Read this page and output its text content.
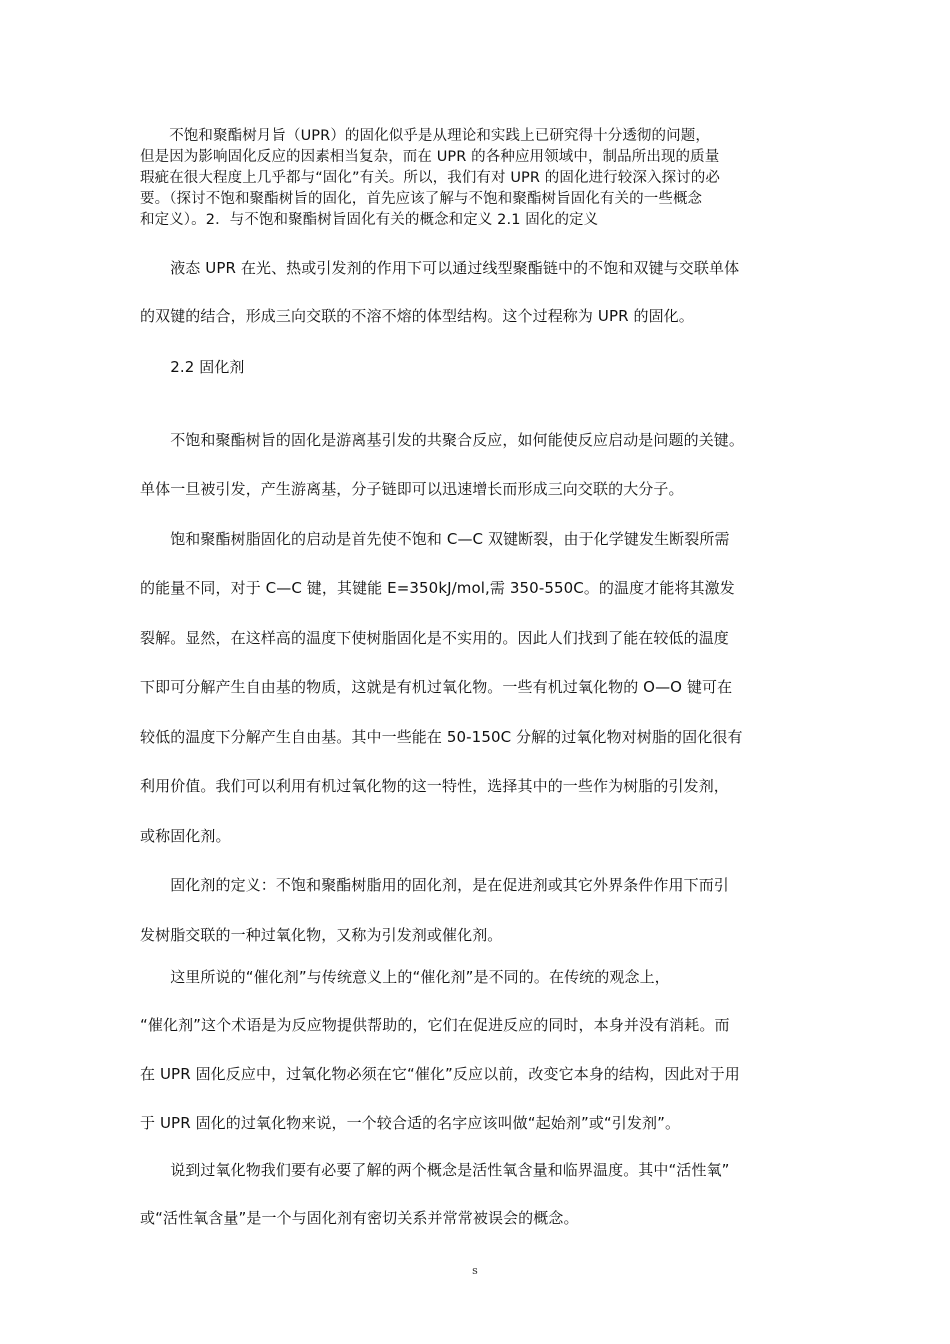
　　不饱和聚酯树月旨（UPR）的固化似乎是从理论和实践上已研究得十分透彻的问题，
但是因为影响固化反应的因素相当复杂，而在 UPR 的各种应用领域中，制品所出现的质量
瑕疵在很大程度上几乎都与“固化”有关。所以，我们有对 UPR 的固化进行较深入探讨的必
要。（探讨不饱和聚酯树旨的固化，首先应该了解与不饱和聚酯树旨固化有关的一些概念
和定义）。2．与不饱和聚酯树旨固化有关的概念和定义 2.1 固化的定义
　　液态 UPR 在光、热或引发剂的作用下可以通过线型聚酯链中的不饱和双键与交联单体
的双键的结合，形成三向交联的不溶不熔的体型结构。这个过程称为 UPR 的固化。
　　2.2 固化剂
　　不饱和聚酯树旨的固化是游离基引发的共聚合反应，如何能使反应启动是问题的关键。
单体一旦被引发，产生游离基，分子链即可以迅速增长而形成三向交联的大分子。
　　饱和聚酯树脂固化的启动是首先使不饱和 C—C 双键断裂，由于化学键发生断裂所需
的能量不同，对于 C—C 键，其键能 E=350kJ/mol,需 350-550C。的温度才能将其激发
裂解。显然，在这样高的温度下使树脂固化是不实用的。因此人们找到了能在较低的温度
下即可分解产生自由基的物质，这就是有机过氧化物。一些有机过氧化物的 O—O 键可在
较低的温度下分解产生自由基。其中一些能在 50-150C 分解的过氧化物对树脂的固化很有
利用价值。我们可以利用有机过氧化物的这一特性，选择其中的一些作为树脂的引发剂，
或称固化剂。
　　固化剂的定义：不饱和聚酯树脂用的固化剂，是在促进剂或其它外界条件作用下而引
发树脂交联的一种过氧化物，又称为引发剂或催化剂。
　　这里所说的“催化剂”与传统意义上的“催化剂”是不同的。在传统的观念上，
“催化剂”这个术语是为反应物提供帮助的，它们在促进反应的同时，本身并没有消耗。而
在 UPR 固化反应中，过氧化物必须在它“催化”反应以前，改变它本身的结构，因此对于用
于 UPR 固化的过氧化物来说，一个较合适的名字应该叫做“起始剂”或“引发剂”。
　　说到过氧化物我们要有必要了解的两个概念是活性氧含量和临界温度。其中“活性氧”
或“活性氧含量”是一个与固化剂有密切关系并常常被误会的概念。
s
